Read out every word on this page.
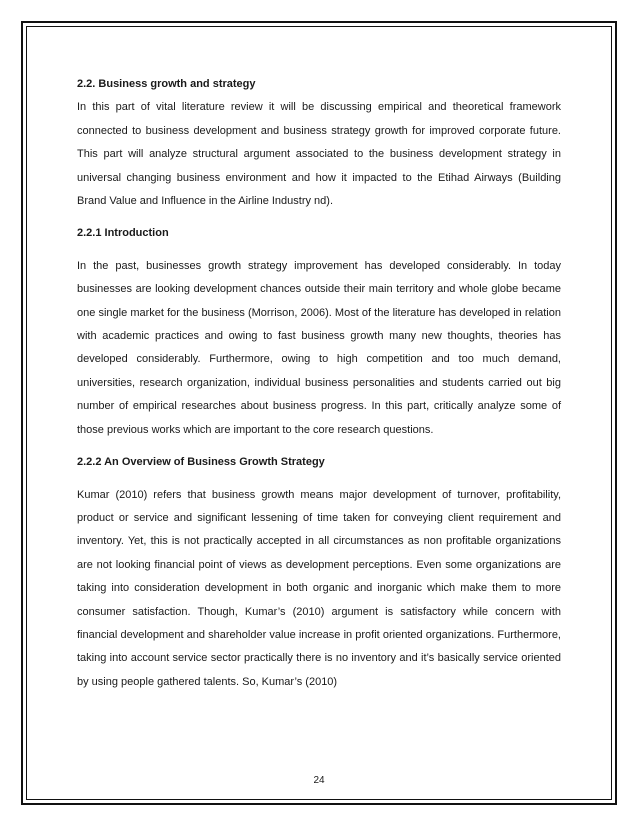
2.2. Business growth and strategy

In this part of vital literature review it will be discussing empirical and theoretical framework connected to business development and business strategy growth for improved corporate future. This part will analyze structural argument associated to the business development strategy in universal changing business environment and how it impacted to the Etihad Airways (Building Brand Value and Influence in the Airline Industry nd).

2.2.1 Introduction

In the past, businesses growth strategy improvement has developed considerably. In today businesses are looking development chances outside their main territory and whole globe became one single market for the business (Morrison, 2006). Most of the literature has developed in relation with academic practices and owing to fast business growth many new thoughts, theories has developed considerably. Furthermore, owing to high competition and too much demand, universities, research organization, individual business personalities and students carried out big number of empirical researches about business progress. In this part, critically analyze some of those previous works which are important to the core research questions.

2.2.2 An Overview of Business Growth Strategy

Kumar (2010) refers that business growth means major development of turnover, profitability, product or service and significant lessening of time taken for conveying client requirement and inventory. Yet, this is not practically accepted in all circumstances as non profitable organizations are not looking financial point of views as development perceptions. Even some organizations are taking into consideration development in both organic and inorganic which make them to more consumer satisfaction. Though, Kumar’s (2010) argument is satisfactory while concern with financial development and shareholder value increase in profit oriented organizations. Furthermore, taking into account service sector practically there is no inventory and it’s basically service oriented by using people gathered talents. So, Kumar’s (2010)

24
